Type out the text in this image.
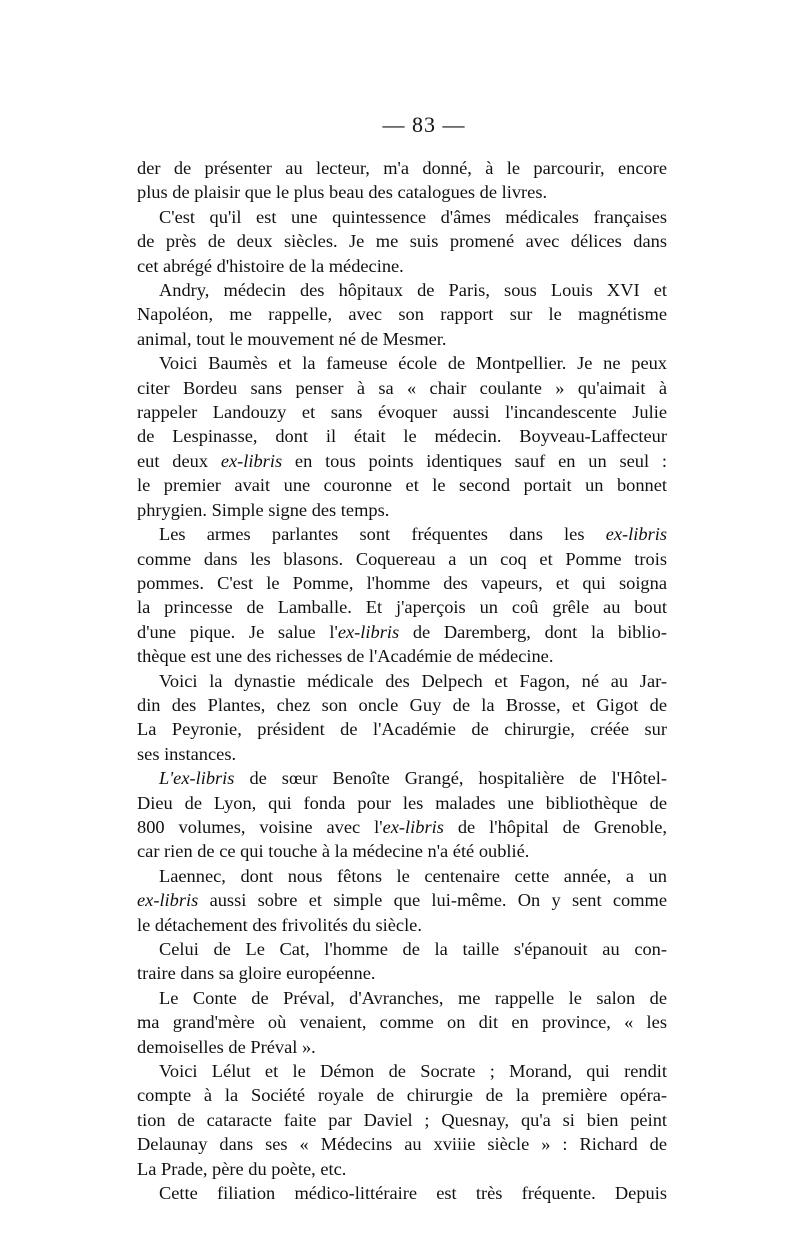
— 83 —

der de présenter au lecteur, m'a donné, à le parcourir, encore
plus de plaisir que le plus beau des catalogues de livres.

C'est qu'il est une quintessence d'âmes médicales françaises
de près de deux siècles. Je me suis promené avec délices dans
cet abrégé d'histoire de la médecine.

Andry, médecin des hôpitaux de Paris, sous Louis XVI et
Napoléon, me rappelle, avec son rapport sur le magnétisme
animal, tout le mouvement né de Mesmer.

Voici Baumès et la fameuse école de Montpellier. Je ne peux
citer Bordeu sans penser à sa « chair coulante » qu'aimait à
rappeler Landouzy et sans évoquer aussi l'incandescente Julie
de Lespinasse, dont il était le médecin. Boyveau-Laffecteur
eut deux ex-libris en tous points identiques sauf en un seul :
le premier avait une couronne et le second portait un bonnet
phrygien. Simple signe des temps.

Les armes parlantes sont fréquentes dans les ex-libris
comme dans les blasons. Coquereau a un coq et Pomme trois
pommes. C'est le Pomme, l'homme des vapeurs, et qui soigna
la princesse de Lamballe. Et j'aperçois un coû grêle au bout
d'une pique. Je salue l'ex-libris de Daremberg, dont la biblio-
thèque est une des richesses de l'Académie de médecine.

Voici la dynastie médicale des Delpech et Fagon, né au Jar-
din des Plantes, chez son oncle Guy de la Brosse, et Gigot de
La Peyronie, président de l'Académie de chirurgie, créée sur
ses instances.

L'ex-libris de sœur Benoîte Grangé, hospitalière de l'Hôtel-
Dieu de Lyon, qui fonda pour les malades une bibliothèque de
800 volumes, voisine avec l'ex-libris de l'hôpital de Grenoble,
car rien de ce qui touche à la médecine n'a été oublié.

Laennec, dont nous fêtons le centenaire cette année, a un
ex-libris aussi sobre et simple que lui-même. On y sent comme
le détachement des frivolités du siècle.

Celui de Le Cat, l'homme de la taille s'épanouit au con-
traire dans sa gloire européenne.

Le Conte de Préval, d'Avranches, me rappelle le salon de
ma grand'mère où venaient, comme on dit en province, « les
demoiselles de Préval ».

Voici Lélut et le Démon de Socrate ; Morand, qui rendit
compte à la Société royale de chirurgie de la première opéra-
tion de cataracte faite par Daviel ; Quesnay, qu'a si bien peint
Delaunay dans ses « Médecins au xviiie siècle » : Richard de
La Prade, père du poète, etc.

Cette filiation médico-littéraire est très fréquente. Depuis
